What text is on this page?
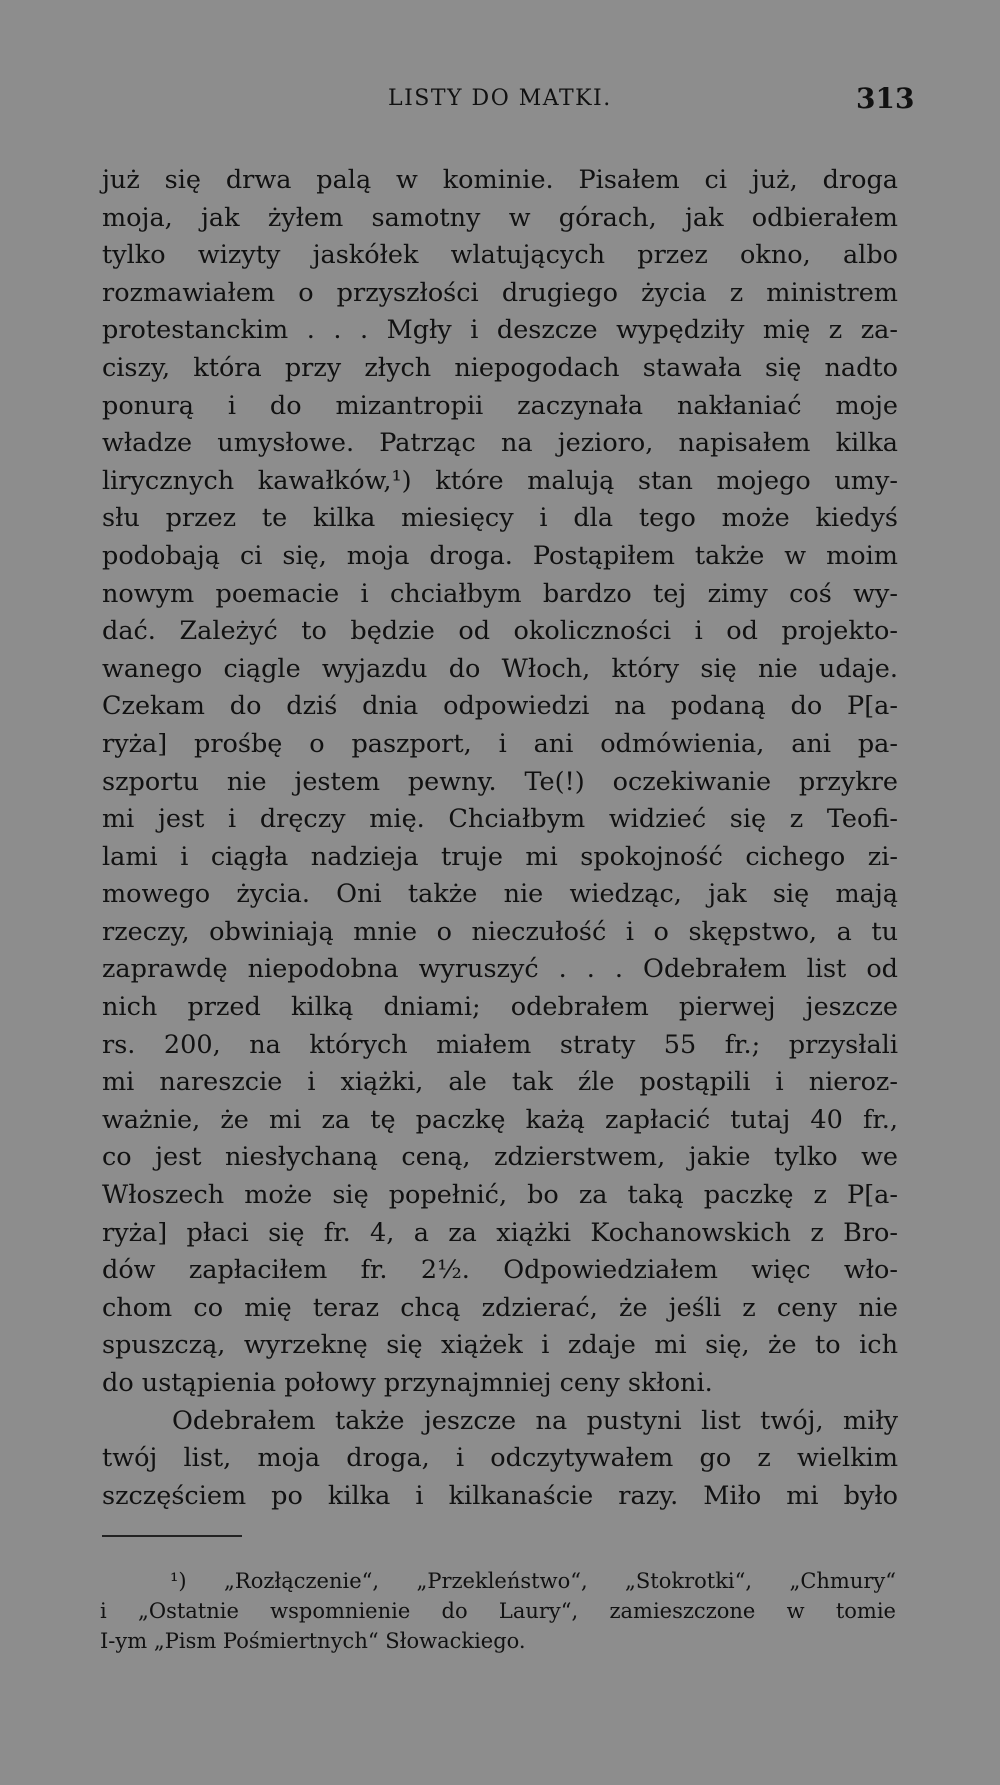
LISTY DO MATKI.	313
już się drwa palą w kominie. Pisałem ci już, droga
moja, jak żyłem samotny w górach, jak odbierałem
tylko wizyty jaskółek wlatujących przez okno, albo
rozmawiałem o przyszłości drugiego życia z ministrem
protestanckim . . . Mgły i deszcze wypędziły mię z za-
ciszy, która przy złych niepogodach stawała się nadto
ponurą i do mizantropii zaczynała nakłaniać moje
władze umysłowe. Patrząc na jezioro, napisałem kilka
lirycznych kawałków,¹) które malują stan mojego umy-
słu przez te kilka miesięcy i dla tego może kiedyś
podobają ci się, moja droga. Postąpiłem także w moim
nowym poemacie i chciałbym bardzo tej zimy coś wy-
dać. Zależyć to będzie od okoliczności i od projekto-
wanego ciągle wyjazdu do Włoch, który się nie udaje.
Czekam do dziś dnia odpowiedzi na podaną do P[a-
ryża] prośbę o paszport, i ani odmówienia, ani pa-
szportu nie jestem pewny. Te(!) oczekiwanie przykre
mi jest i dręczy mię. Chciałbym widzieć się z Teofi-
lami i ciągła nadzieja truje mi spokojność cichego zi-
mowego życia. Oni także nie wiedząc, jak się mają
rzeczy, obwiniają mnie o nieczułość i o skępstwo, a tu
zaprawdę niepodobna wyruszyć . . . Odebrałem list od
nich przed kilką dniami; odebrałem pierwej jeszcze
rs. 200, na których miałem straty 55 fr.; przysłali
mi nareszcie i xiążki, ale tak źle postąpili i nieroz-
ważnie, że mi za tę paczkę każą zapłacić tutaj 40 fr.,
co jest niesłychaną ceną, zdzierstwem, jakie tylko we
Włoszech może się popełnić, bo za taką paczkę z P[a-
ryża] płaci się fr. 4, a za xiążki Kochanowskich z Bro-
dów zapłaciłem fr. 2½. Odpowiedziałem więc wło-
chom co mię teraz chcą zdzierać, że jeśli z ceny nie
spuszczą, wyrzeknę się xiążek i zdaje mi się, że to ich
do ustąpienia połowy przynajmniej ceny skłoni.
Odebrałem także jeszcze na pustyni list twój, miły
twój list, moja droga, i odczytywałem go z wielkim
szczęściem po kilka i kilkanaście razy. Miło mi było
¹) „Rozłączenie“, „Przekleństwo“, „Stokrotki“, „Chmury“
i „Ostatnie wspomnienie do Laury“, zamieszczone w tomie
I-ym „Pism Pośmiertnych“ Słowackiego.
